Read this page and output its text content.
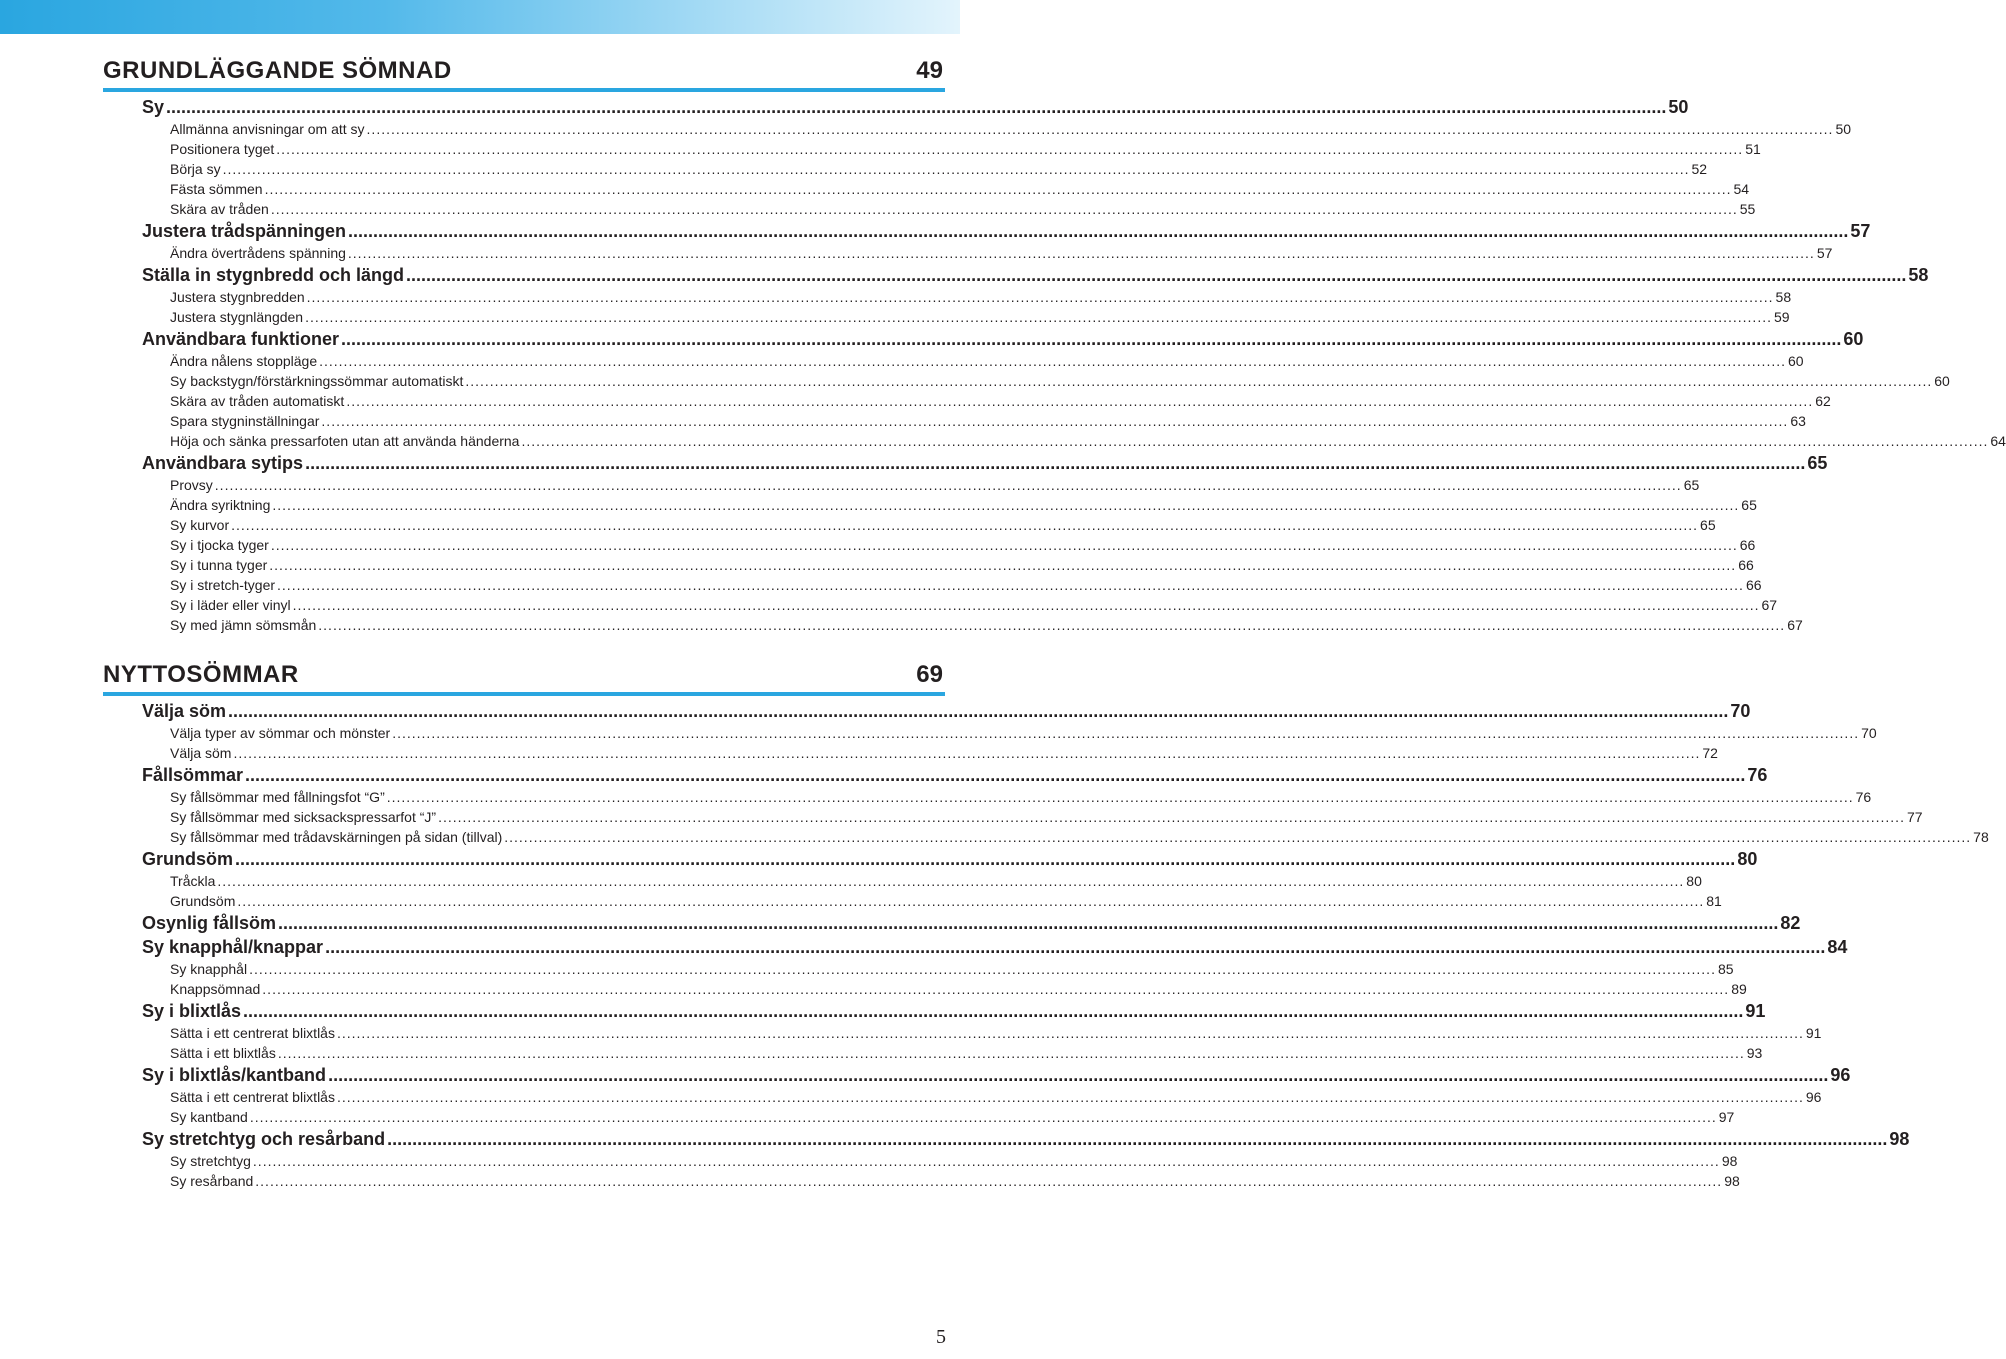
GRUNDLÄGGANDE SÖMNAD	49
Sy ............................................................................................................................................................................................................................................................................................................ 50
Allmänna anvisningar om att sy ............................................................................................................................................................................................................................................................................................................ 50
Positionera tyget ............................................................................................................................................................................................................................................................................................................ 51
Börja sy ............................................................................................................................................................................................................................................................................................................ 52
Fästa sömmen ............................................................................................................................................................................................................................................................................................................ 54
Skära av tråden ............................................................................................................................................................................................................................................................................................................ 55
Justera trådspänningen ............................................................................................................................................................................................................................................................................................................ 57
Ändra övertrådens spänning ............................................................................................................................................................................................................................................................................................................ 57
Ställa in stygnbredd och längd ............................................................................................................................................................................................................................................................................................................ 58
Justera stygnbredden ............................................................................................................................................................................................................................................................................................................ 58
Justera stygnlängden ............................................................................................................................................................................................................................................................................................................ 59
Användbara funktioner ............................................................................................................................................................................................................................................................................................................ 60
Ändra nålens stoppläge ............................................................................................................................................................................................................................................................................................................ 60
Sy backstygn/förstärkningssömmar automatiskt ............................................................................................................................................................................................................................................................................................................ 60
Skära av tråden automatiskt ............................................................................................................................................................................................................................................................................................................ 62
Spara stygninställningar ............................................................................................................................................................................................................................................................................................................ 63
Höja och sänka pressarfoten utan att använda händerna ............................................................................................................................................................................................................................................................................................................ 64
Användbara sytips ............................................................................................................................................................................................................................................................................................................ 65
Provsy ............................................................................................................................................................................................................................................................................................................ 65
Ändra syriktning ............................................................................................................................................................................................................................................................................................................ 65
Sy kurvor ............................................................................................................................................................................................................................................................................................................ 65
Sy i tjocka tyger ............................................................................................................................................................................................................................................................................................................ 66
Sy i tunna tyger ............................................................................................................................................................................................................................................................................................................ 66
Sy i stretch-tyger ............................................................................................................................................................................................................................................................................................................ 66
Sy i läder eller vinyl ............................................................................................................................................................................................................................................................................................................ 67
Sy med jämn sömsmån ............................................................................................................................................................................................................................................................................................................ 67
NYTTOSÖMMAR	69
Välja söm ............................................................................................................................................................................................................................................................................................................ 70
Välja typer av sömmar och mönster ............................................................................................................................................................................................................................................................................................................ 70
Välja söm ............................................................................................................................................................................................................................................................................................................ 72
Fållsömmar ............................................................................................................................................................................................................................................................................................................ 76
Sy fållsömmar med fållningsfot “G” ............................................................................................................................................................................................................................................................................................................ 76
Sy fållsömmar med sicksackspressarfot “J” ............................................................................................................................................................................................................................................................................................................ 77
Sy fållsömmar med trådavskärningen på sidan (tillval) ............................................................................................................................................................................................................................................................................................................ 78
Grundsöm ............................................................................................................................................................................................................................................................................................................ 80
Tråckla ............................................................................................................................................................................................................................................................................................................ 80
Grundsöm ............................................................................................................................................................................................................................................................................................................ 81
Osynlig fållsöm ............................................................................................................................................................................................................................................................................................................ 82
Sy knapphål/knappar ............................................................................................................................................................................................................................................................................................................ 84
Sy knapphål ............................................................................................................................................................................................................................................................................................................ 85
Knappsömnad ............................................................................................................................................................................................................................................................................................................ 89
Sy i blixtlås ............................................................................................................................................................................................................................................................................................................ 91
Sätta i ett centrerat blixtlås ............................................................................................................................................................................................................................................................................................................ 91
Sätta i ett blixtlås ............................................................................................................................................................................................................................................................................................................ 93
Sy i blixtlås/kantband ............................................................................................................................................................................................................................................................................................................ 96
Sätta i ett centrerat blixtlås ............................................................................................................................................................................................................................................................................................................ 96
Sy kantband ............................................................................................................................................................................................................................................................................................................ 97
Sy stretchtyg och resårband ............................................................................................................................................................................................................................................................................................................ 98
Sy stretchtyg ............................................................................................................................................................................................................................................................................................................ 98
Sy resårband ............................................................................................................................................................................................................................................................................................................ 98
5
